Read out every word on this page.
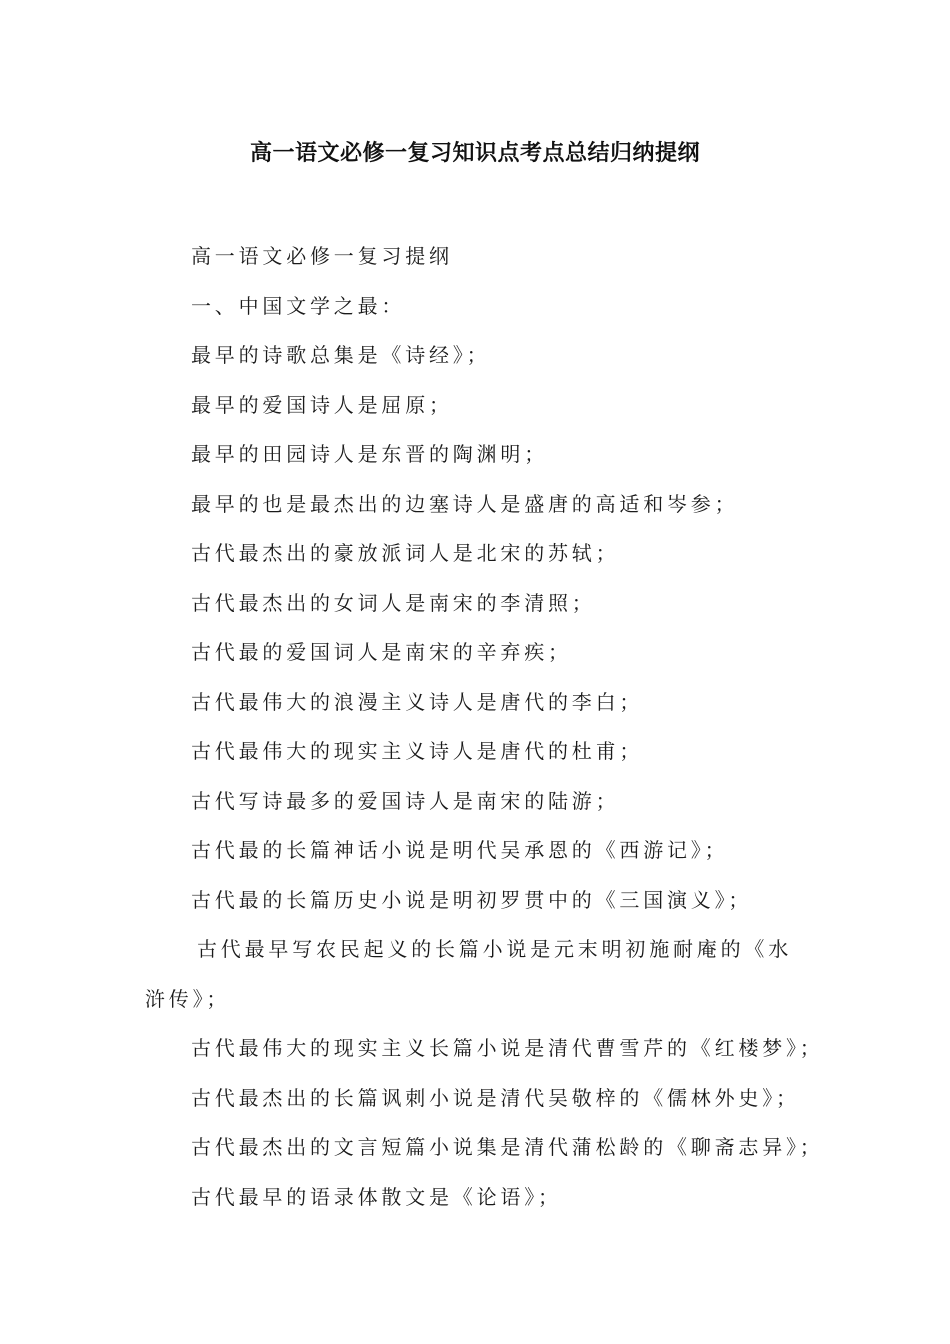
高一语文必修一复习知识点考点总结归纳提纲

高一语文必修一复习提纲

一、中国文学之最：

最早的诗歌总集是《诗经》；

最早的爱国诗人是屈原；

最早的田园诗人是东晋的陶渊明；

最早的也是最杰出的边塞诗人是盛唐的高适和岑参；

古代最杰出的豪放派词人是北宋的苏轼；

古代最杰出的女词人是南宋的李清照；

古代最的爱国词人是南宋的辛弃疾；

古代最伟大的浪漫主义诗人是唐代的李白；

古代最伟大的现实主义诗人是唐代的杜甫；

古代写诗最多的爱国诗人是南宋的陆游；

古代最的长篇神话小说是明代吴承恩的《西游记》；

古代最的长篇历史小说是明初罗贯中的《三国演义》；

古代最早写农民起义的长篇小说是元末明初施耐庵的《水浒传》；

古代最伟大的现实主义长篇小说是清代曹雪芹的《红楼梦》；

古代最杰出的长篇讽刺小说是清代吴敬梓的《儒林外史》；

古代最杰出的文言短篇小说集是清代蒲松龄的《聊斋志异》；

古代最早的语录体散文是《论语》；
